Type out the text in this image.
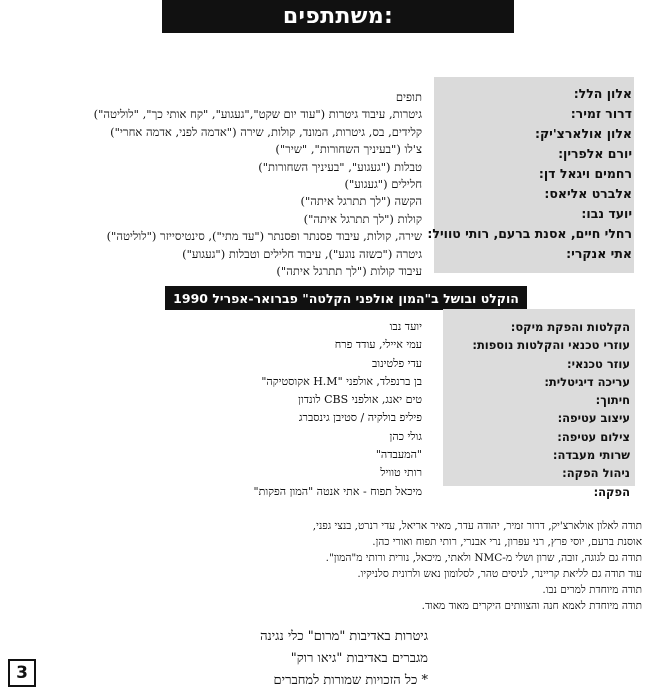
משתתפים:
אלון הלל:
דרור זמיר:
אלון אולארצ'יק:
יורם אלפרין:
רחמים ויגאל דן:
אלברט אליאס:
יועד נבו:
רחלי חיים, אסנת ברעם, רותי טוויל:
אתי אנקרי:
תופים
גיטרות, עיבוד גיטרות ("עוד יום שקט","געגוע", "קח אותי כך", "לוליטה")
קלידים, בס, גיטרות, המונד, קולות, שירה ("אדמה לפני, אדמה אחרי")
צ'לו ("בעיניך השחורות", "שיר")
טבלות ("געגוע", "בעיניך השחורות")
חלילים ("געגוע")
הקשה ("לך תתרגל איתה")
קולות ("לך תתרגל איתה")
שירה, קולות, עיבוד פסנתר ופסנתר ("עד מתי"), סינטיסייזר ("לוליטה")
גיטרה ("כשזה נוגע"), עיבוד חלילים וטבלות ("געגוע")
עיבוד קולות ("לך תתרגל איתה")
הוקלט ובושל ב"המון אולפני הקלטה" פברואר-אפריל 1990
הקלטות והפקת מיקס:
עוזרי טכנאי והקלטות נוספות:
עוזר טכנאי:
עריכה דיגיטלית:
חיתוך:
עיצוב עטיפה:
צילום עטיפה:
שרותי מעבדה:
ניהול הפקה:
הפקה:
יועד נבו
עמי איילי, עודד פרח
עדי פלטינוב
בן ברנפלד, אולפני "H.M אקוסטיקה"
טים יאנג, אולפני CBS לונדון
פיליפ בולקיה / סטיבן גינסברג
גולי כהן
"המעבדה"
רותי טוויל
מיכאל תפוח - אתי אנטה "המון הפקות"

תודה לאלון אולארצ'יק, דרור זמיר, יהודה עדר, מאיר אריאל, עדי רנרט, בנצי גפני,

אוסנת ברעם, יוסי פרץ, רני עפרון, נרי אבנרי, רותי תפוח ואורי כהן.

תודה גם לגוגה, זובה, שרון ושלי מ-NMC ולאתי, מיכאל, נורית ורותי מ"המון".

עוד תודה גם לליאת קריינר, לניסים טהר, לסלומון נאש ולרונית סלניקיו.

תודה מיוחדת למרים נבו.

תודה מיוחדת לאמא חנה והצוותים היקרים מאוד מאוד.

גיטרות באדיבות "מרום" כלי נגינה

מגברים באדיבות "גיאו רוק"

* כל הזכויות שמורות למחברים

3
